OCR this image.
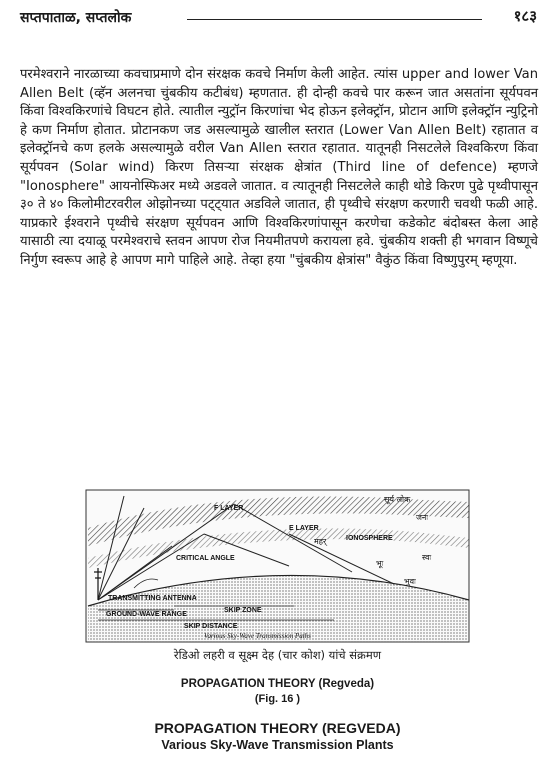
सप्तपाताळ, सप्तलोक	१८३

परमेश्वराने नारळाच्या कवचाप्रमाणे दोन संरक्षक कवचे निर्माण केली आहेत. त्यांस upper and lower Van Allen Belt (व्हॅन अलनचा चुंबकीय कटीबंध) म्हणतात. ही दोन्ही कवचे पार करून जात असतांना सूर्यपवन किंवा विश्वकिरणांचे विघटन होते. त्यातील न्युट्रॉन किरणांचा भेद होऊन इलेक्ट्रॉन, प्रोटान आणि इलेक्ट्रॉन न्युट्रिनो हे कण निर्माण होतात. प्रोटानकण जड असल्यामुळे खालील स्तरात (Lower Van Allen Belt) रहातात व इलेक्ट्रॉनचे कण हलके असल्यामुळे वरील Van Allen स्तरात रहातात. यातूनही निसटलेले विश्वकिरण किंवा सूर्यपवन (Solar wind) किरण तिसऱ्या संरक्षक क्षेत्रांत (Third line of defence) म्हणजे "Ionosphere" आयनोस्फिअर मध्ये अडवले जातात. व त्यातूनही निसटलेले काही थोडे किरण पुढे पृथ्वीपासून ३० ते ४० किलोमीटरवरील ओझोनच्या पट्ट्यात अडविले जातात, ही पृथ्वीचे संरक्षण करणारी चवथी फळी आहे. याप्रकारे ईश्वराने पृथ्वीचे संरक्षण सूर्यपवन आणि विश्वकिरणांपासून करणेचा कडेकोट बंदोबस्त केला आहे यासाठी त्या दयाळू परमेश्वराचे स्तवन आपण रोज नियमीतपणे करायला हवे. चुंबकीय शक्ती ही भगवान विष्णूचे निर्गुण स्वरूप आहे हे आपण मागे पाहिले आहे. तेव्हा हया "चुंबकीय क्षेत्रांस" वैकुंठ किंवा विष्णुपुरम् म्हणूया.

F LAYER
E LAYER
IONOSPHERE
CRITICAL ANGLE
TRANSMITTING ANTENNA
GROUND-WAVE RANGE
SKIP ZONE
SKIP DISTANCE
Various Sky-Wave Transmission Paths
सूर्य लोक
जनः
महर्
स्वः
भुवः
भूः
रेडिओ लहरी व सूक्ष्म देह (चार कोश) यांचे संक्रमण
PROPAGATION THEORY (Regveda)
(Fig. 16 )
PROPAGATION THEORY (REGVEDA)
Various Sky-Wave Transmission Plants
